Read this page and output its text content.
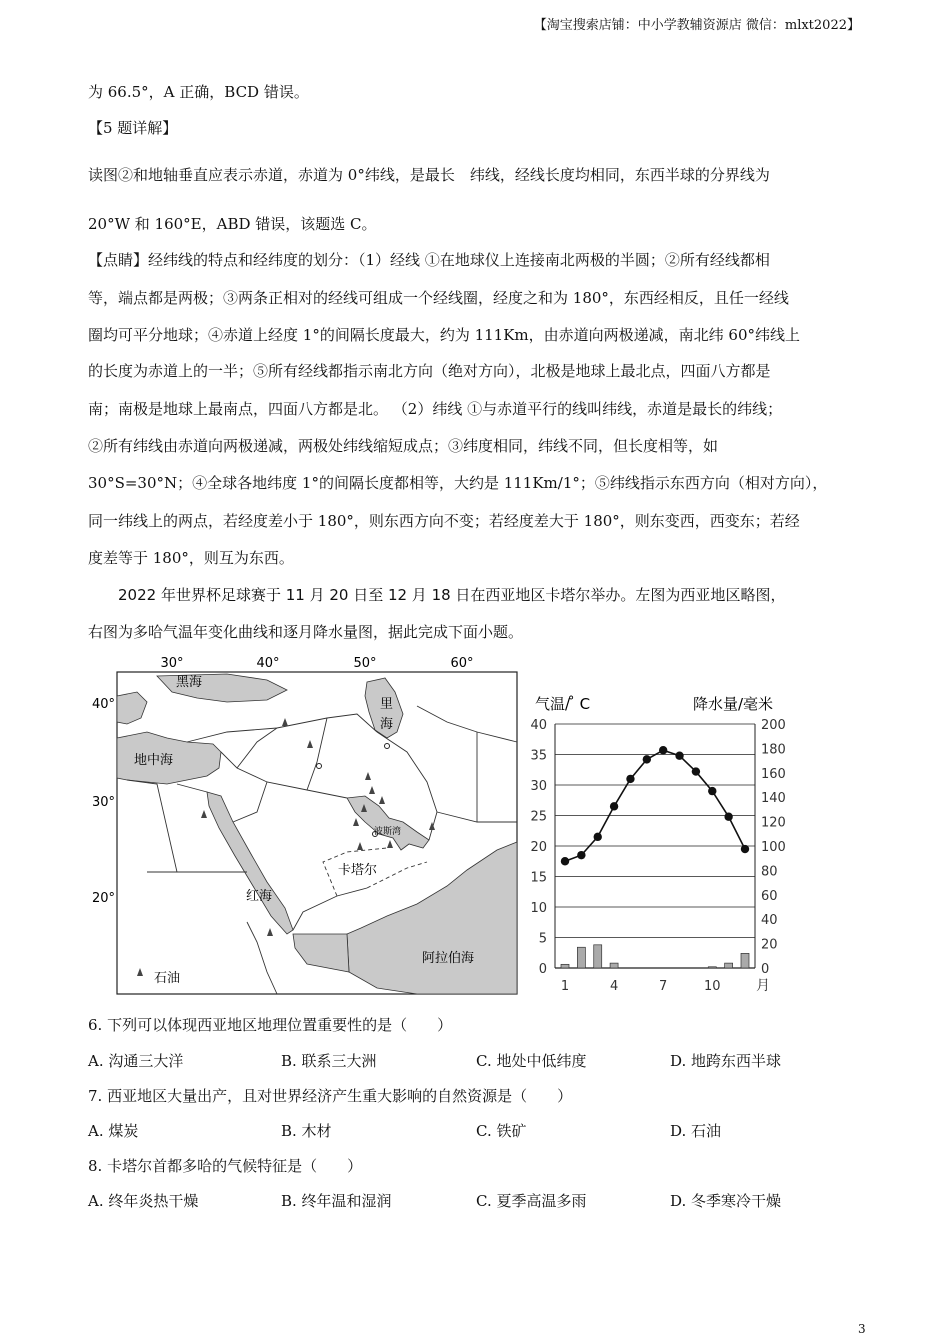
【淘宝搜索店铺：中小学教辅资源店 微信：mlxt2022】
为 66.5°，A 正确，BCD 错误。
【5 题详解】
读图②和地轴垂直应表示赤道，赤道为 0°纬线，是最长　纬线，经线长度均相同，东西半球的分界线为
20°W 和 160°E，ABD 错误，该题选 C。
【点睛】经纬线的特点和经纬度的划分：（1）经线 ①在地球仪上连接南北两极的半圆；②所有经线都相
等，端点都是两极；③两条正相对的经线可组成一个经线圈，经度之和为 180°，东西经相反，且任一经线
圈均可平分地球；④赤道上经度 1°的间隔长度最大，约为 111Km，由赤道向两极递减，南北纬 60°纬线上
的长度为赤道上的一半；⑤所有经线都指示南北方向（绝对方向），北极是地球上最北点，四面八方都是
南；南极是地球上最南点，四面八方都是北。 （2）纬线 ①与赤道平行的线叫纬线，赤道是最长的纬线；
②所有纬线由赤道向两极递减，两极处纬线缩短成点；③纬度相同，纬线不同，但长度相等，如
30°S=30°N；④全球各地纬度 1°的间隔长度都相等，大约是 111Km/1°；⑤纬线指示东西方向（相对方向），
同一纬线上的两点，若经度差小于 180°，则东西方向不变；若经度差大于 180°，则东变西，西变东；若经
度差等于 180°，则互为东西。
　　2022 年世界杯足球赛于 11 月 20 日至 12 月 18 日在西亚地区卡塔尔举办。左图为西亚地区略图，
右图为多哈气温年变化曲线和逐月降水量图，据此完成下面小题。
30°	40°	50°	60°
40°
30°
20°
黑海
里
海
地中海
波斯湾
卡塔尔
红海
阿拉伯海
石油
气温/ ̊ C	降水量/毫米
0
5
10
15
20
25
30
35
40
0
20
40
60
80
100
120
140
160
180
200
1	4	7	10	月
6. 下列可以体现西亚地区地理位置重要性的是（　　）
A. 沟通三大洋	B. 联系三大洲	C. 地处中低纬度	D. 地跨东西半球
7. 西亚地区大量出产，且对世界经济产生重大影响的自然资源是（　　）
A. 煤炭	B. 木材	C. 铁矿	D. 石油
8. 卡塔尔首都多哈的气候特征是（　　）
A. 终年炎热干燥	B. 终年温和湿润	C. 夏季高温多雨	D. 冬季寒冷干燥
3
